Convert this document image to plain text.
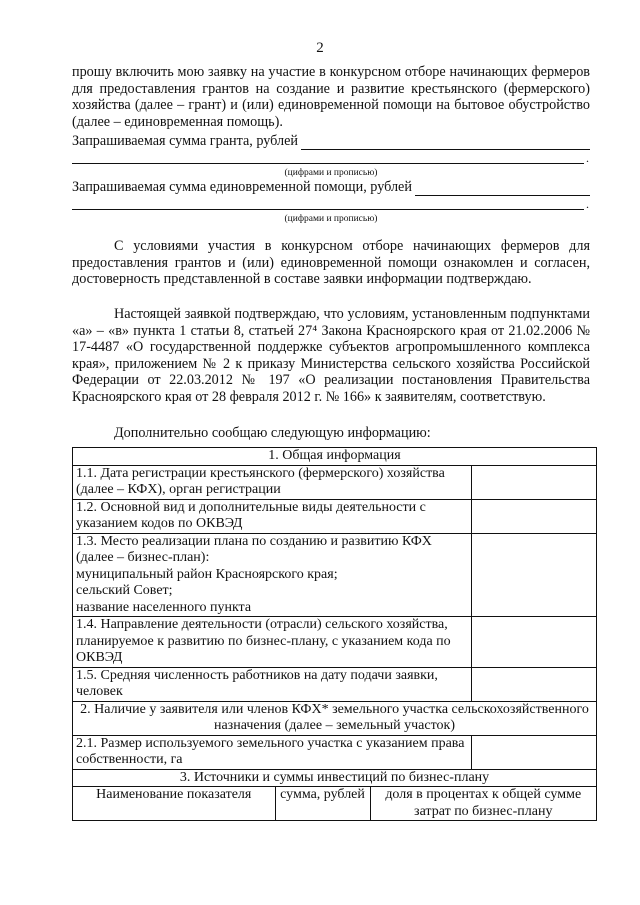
2

прошу включить мою заявку на участие в конкурсном отборе начинающих фермеров для предоставления грантов на создание и развитие крестьянского (фермерского) хозяйства (далее – грант) и (или) единовременной помощи на бытовое обустройство (далее – единовременная помощь).

Запрашиваемая сумма гранта, рублей
.
(цифрами и прописью)
Запрашиваемая сумма единовременной помощи, рублей
.
(цифрами и прописью)

С условиями участия в конкурсном отборе начинающих фермеров для предоставления грантов и (или) единовременной помощи ознакомлен и согласен, достоверность представленной в составе заявки информации подтверждаю.

Настоящей заявкой подтверждаю, что условиям, установленным подпунктами «а» – «в» пункта 1 статьи 8, статьей 27⁴ Закона Красноярского края от 21.02.2006 № 17-4487 «О государственной поддержке субъектов агропромышленного комплекса края», приложением № 2 к приказу Министерства сельского хозяйства Российской Федерации от 22.03.2012 № 197 «О реализации постановления Правительства Красноярского края от 28 февраля 2012 г. № 166» к заявителям, соответствую.

Дополнительно сообщаю следующую информацию:

1. Общая информация
1.1. Дата регистрации крестьянского (фермерского) хозяйства (далее – КФХ), орган регистрации	
1.2. Основной вид и дополнительные виды деятельности с указанием кодов по ОКВЭД	
1.3. Место реализации плана по созданию и развитию КФХ
(далее – бизнес-план):
муниципальный район Красноярского края;
сельский Совет;
название населенного пункта	
1.4. Направление деятельности (отрасли) сельского хозяйства, планируемое к развитию по бизнес-плану, с указанием кода по ОКВЭД	
1.5. Средняя численность работников на дату подачи заявки, человек	
2. Наличие у заявителя или членов КФХ* земельного участка сельскохозяйственного назначения (далее – земельный участок)
2.1. Размер используемого земельного участка с указанием права собственности, га	
3. Источники и суммы инвестиций по бизнес-плану

Наименование показателя	сумма, рублей	доля в процентах к общей сумме затрат по бизнес-плану
